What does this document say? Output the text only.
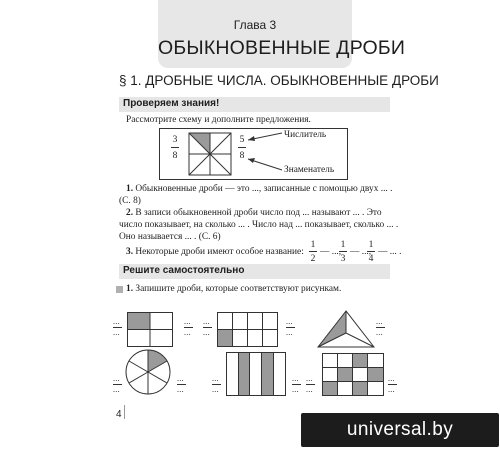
Глава 3
ОБЫКНОВЕННЫЕ ДРОБИ
§ 1. ДРОБНЫЕ ЧИСЛА. ОБЫКНОВЕННЫЕ ДРОБИ
Проверяем знания!
Рассмотрите схему и дополните предложения.
3
8
5
8
Числитель
Знаменатель
1. Обыкновенные дроби — это ..., записанные с помощью двух ... .
(С. 8)
2. В записи обыкновенной дроби число под ... называют ... . Это
число показывает, на сколько ... . Число над ... показывает, сколько ... .
Оно называется ... . (С. 6)
3. Некоторые дроби имеют особое название:
1
2
— ...,
1
3
— ...,
1
4
— ... .
Решите самостоятельно
1. Запишите дроби, которые соответствуют рисункам.
...
...
...
...
...
...
...
...
...
...
...
...
...
...
...
...
...
...
...
...
...
...
4
universal.by
